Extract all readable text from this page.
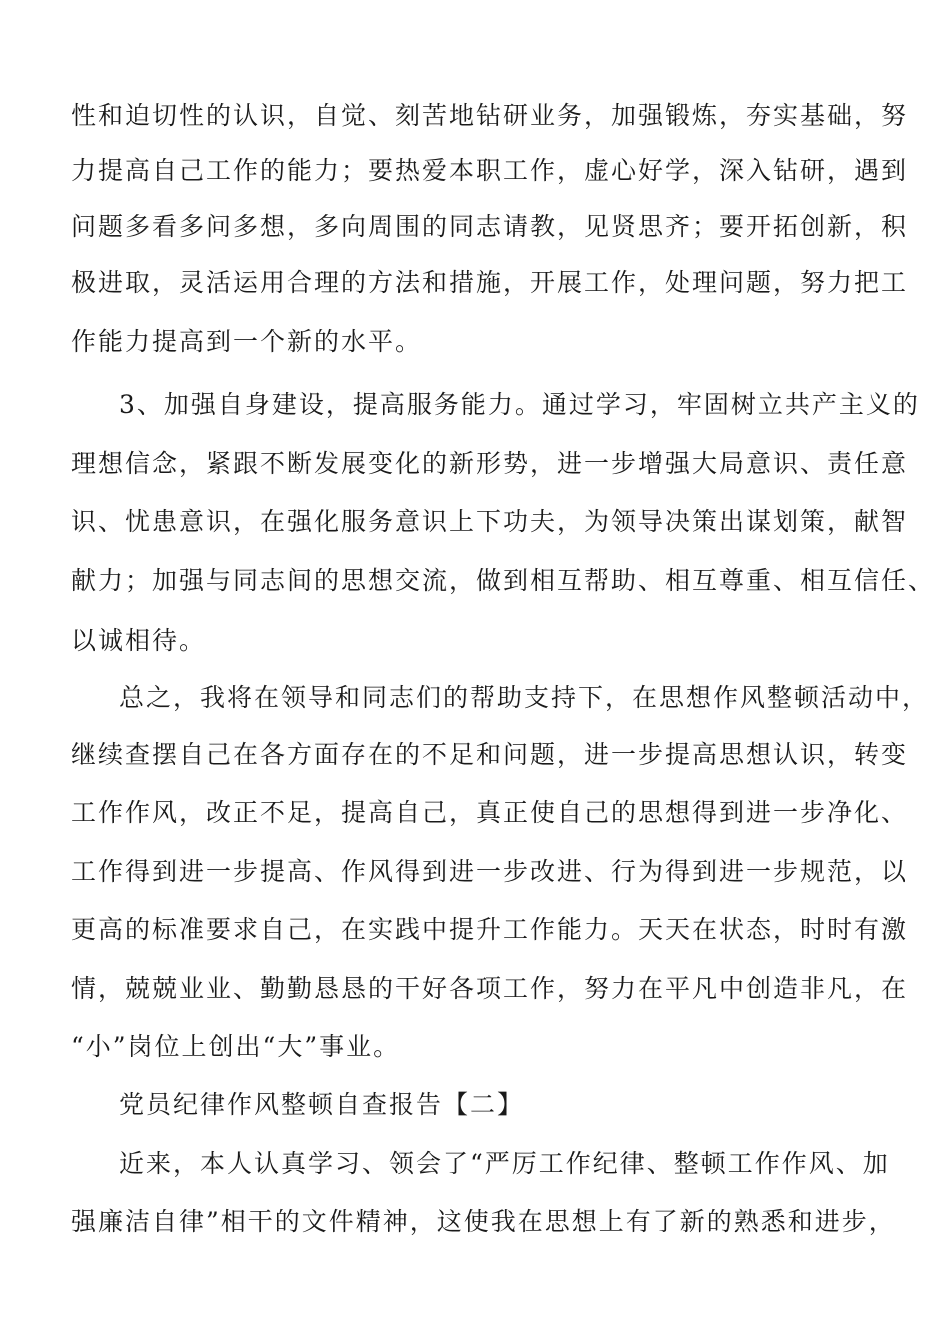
性和迫切性的认识，自觉、刻苦地钻研业务，加强锻炼，夯实基础，努
力提高自己工作的能力；要热爱本职工作，虚心好学，深入钻研，遇到
问题多看多问多想，多向周围的同志请教，见贤思齐；要开拓创新，积
极进取，灵活运用合理的方法和措施，开展工作，处理问题，努力把工
作能力提高到一个新的水平。
3、加强自身建设，提高服务能力。通过学习，牢固树立共产主义的
理想信念，紧跟不断发展变化的新形势，进一步增强大局意识、责任意
识、忧患意识，在强化服务意识上下功夫，为领导决策出谋划策，献智
献力；加强与同志间的思想交流，做到相互帮助、相互尊重、相互信任、
以诚相待。
总之，我将在领导和同志们的帮助支持下，在思想作风整顿活动中，
继续查摆自己在各方面存在的不足和问题，进一步提高思想认识，转变
工作作风，改正不足，提高自己，真正使自己的思想得到进一步净化、
工作得到进一步提高、作风得到进一步改进、行为得到进一步规范，以
更高的标准要求自己，在实践中提升工作能力。天天在状态，时时有激
情，兢兢业业、勤勤恳恳的干好各项工作，努力在平凡中创造非凡，在
“小”岗位上创出“大”事业。
党员纪律作风整顿自查报告【二】
近来，本人认真学习、领会了“严厉工作纪律、整顿工作作风、加
强廉洁自律”相干的文件精神，这使我在思想上有了新的熟悉和进步，
